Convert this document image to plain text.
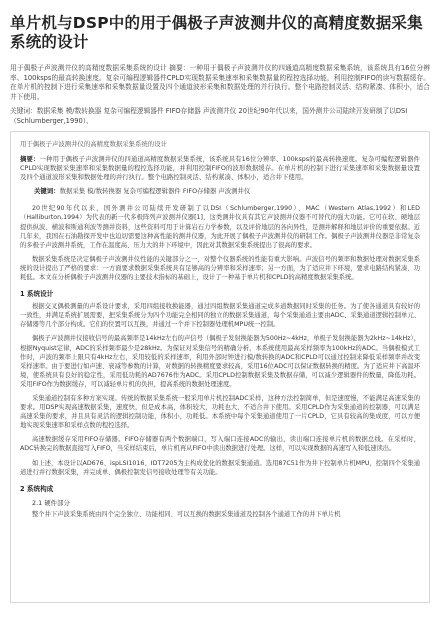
单片机与DSP中的用于偶极子声波测井仪的高精度数据采集系统的设计

用于偶极子声波测井仪的高精度数据采集系统的设计 摘要：一种用于偶极子声波测井仪的四通道高精度数据采集系统，该系统具有16位分辨率、100ksps的最高转换速度。复杂可编程逻辑器件CPLD实现数据采集速率和采集数据量的程控选择功能，利用控制FIFO的读写数据缓存。在单片机的控制下进行采集速率和采集数据量设置及四个通道波形采集和数据处理的并行执行。整个电路控制灵活、结构紧凑、体积小，适合井下使用。

关键词：数据采集 模/数转换器 复杂可编程逻辑器件 FIFO存储器 声波测井仪 20世纪90年代以来，国外测井公司陆续开发研制了以DSI（Schlumberger,1990）、

用于偶极子声波测井仪的高精度数据采集系统的设计

摘要：一种用于偶极子声波测井仪的四通道高精度数据采集系统，该系统具有16位分辨率、100ksps的最高转换速度。复杂可编程逻辑器件CPLD实现数据采集速率和采集数据量的程控选择功能，并利用控制FIFO的波形数据缓存。在单片机的控制下进行采集速率和采集数据量设置及四个通道波形采集和数据处理的并行执行。整个电路控制灵活、结构紧凑、体积小，适合井下使用。

关键词：数据采集 模/数转换器 复杂可编程逻辑器件 FIFO存储器 声波测井仪

20世纪90年代以来，国外测井公司陆续开发研制了以DSI（Schlumberger,1990）、MAC（Western Atlas,1992）和LED（Halliburton,1994）为代表的新一代多极阵列声波测井仪器[1]，这类测井仪具有其它声波测井仪器不可替代的强大功能。它可在软、硬地层提供纵波、横波和斯通利波等测井资料，这些资料可用于计算岩石力学参数，以及评价地层的各向异性，是测井解释和地层评价的重要依据。近几年来，我国在石油勘探开发中也迫切需要这种高性能的测井仪器，为此开展了偶极子声波测井仪的研制工作。偶极子声波测井仪器是非常复杂的多极子声波测井系统，工作在温度高、压力大的井下环境中，因此对其数据采集系统提出了很高的要求。

数据采集系统是决定偶极子声波测井仪性能的关键部分之一，对整个仪器系统的性能有重大影响。声波信号的频率和数据处理对数据采集系统的设计提出了严格的要求：一方面要求数据采集系统具有足够高的分辨率和采样速率；另一方面，为了适应井下环境，要求电路结构紧凑、功耗低。本文在分析偶极子声波测井仪器的主要技术指标的基础上，设计了一种基于单片机和CPLD的高精度数据采集系统。

1 系统设计

根据交叉偶极测量的声系设计要求，采用四组接收换能器，通过四组数据采集通道完成多道数据同时采集的任务。为了使各通道具有较好的一致性，并满足系统扩展需要，把采集系统分为四个功能完全相同的独立的数据采集通道，每个采集通道主要由ADC、采集通道逻辑控制单元、存储器等几个部分构成。它们的位置可以互换，并通过一个并下控制器处理机MPU统一控制。

偶极子声波测井仪接收信号的最高频率是14kHz左右的声信号（偶极子发射换能器为500Hz~4kHz，单极子发射换能器为2kHz~14kHz），根据Nyquist定律，ADC的采样频率最少是28kHz。为保证对采集信号的精确分析，本系统使用最高采样频率为100kHz的ADC。当偶极模式工作时，声波的频率上限只有4kHz左右，采用较低的采样速率，利用外部时钟进行模/数转换的ADC和CPLD可以通过控制来降低采样频率并改变采样速率。由于要进行如声速、衰减等参数的计算，对数据的转换精度要求较高，采用16位ADC可以保证数据转换的精度。为了适应井下高温环境，使系统具有良好的稳定性，采用低功耗的AD7676作为ADC。采用CPLD控制数据采集及数据存储，可以减少逻辑器件的数量，降低功耗。采用FIFO作为数据缓存，可以减轻单片机的负担，提高系统的数据处理速度。

采集通道控制有多种方案实现。传统的数据采集系统一般采用单片机控制ADC采样，这种方法控制简单，但是速度慢，不能满足高速采集的要求。用DSP实现高速数据采集，速度快，但是成本高，体积较大，功耗也大，不适合井下使用。采用CPLD作为采集通道的控制器，可以满足高速采集的要求，并且具有灵活的逻辑控制功能，体积小，功耗低。本系统中每个采集通道使用了一片CPLD，它具有较高的集成度，可以方便地实现采集速率和采样点数的程控选择。

高速数据缓存采用FIFO存储器。FIFO存储器有两个数据端口，写入端口连接ADC的输出，读出端口连接单片机的数据总线。在采样时，ADC转换完的数据直接写入FIFO，当采样结束后，单片机再从FIFO中读出数据进行处理。这样，可以实现数据的高速写入和低速读出。

如上述，本设计以AD676、ispLSI1016、IDT7205为主构成优化的数据采集通道。选用87C51作为井下控制单片机MPU，控制四个采集通道进行并行数据采集，并完成单、偶极控制发信号接收处理等有关功能。

2 系统构成

2.1 硬件部分

整个井下声波采集系统由四个完全独立、功能相同、可以互换的数据采集通道及控制各个通道工作的井下单片机
